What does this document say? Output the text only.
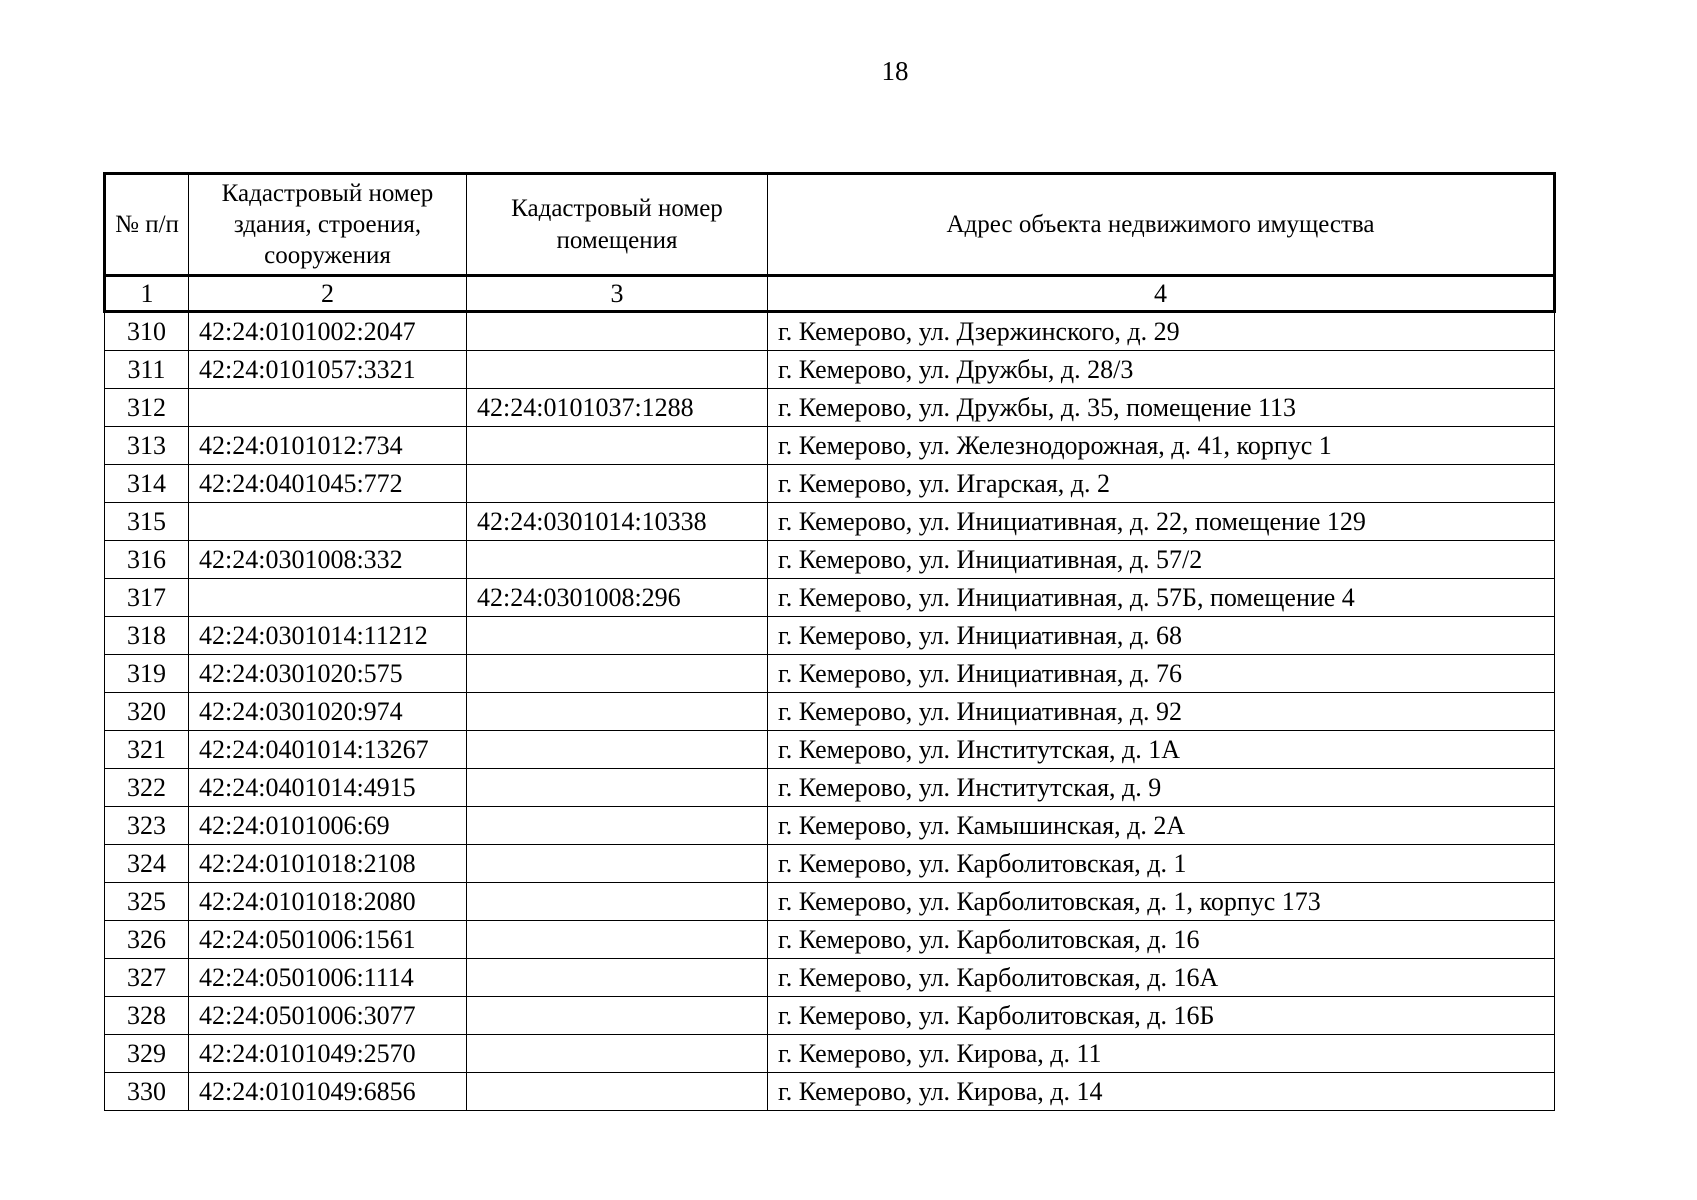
18
№ п/п	Кадастровый номер здания, строения, сооружения	Кадастровый номер помещения	Адрес объекта недвижимого имущества
1	2	3	4
310	42:24:0101002:2047		г. Кемерово, ул. Дзержинского, д. 29
311	42:24:0101057:3321		г. Кемерово, ул. Дружбы, д. 28/3
312		42:24:0101037:1288	г. Кемерово, ул. Дружбы, д. 35, помещение 113
313	42:24:0101012:734		г. Кемерово, ул. Железнодорожная, д. 41, корпус 1
314	42:24:0401045:772		г. Кемерово, ул. Игарская, д. 2
315		42:24:0301014:10338	г. Кемерово, ул. Инициативная, д. 22, помещение 129
316	42:24:0301008:332		г. Кемерово, ул. Инициативная, д. 57/2
317		42:24:0301008:296	г. Кемерово, ул. Инициативная, д. 57Б, помещение 4
318	42:24:0301014:11212		г. Кемерово, ул. Инициативная, д. 68
319	42:24:0301020:575		г. Кемерово, ул. Инициативная, д. 76
320	42:24:0301020:974		г. Кемерово, ул. Инициативная, д. 92
321	42:24:0401014:13267		г. Кемерово, ул. Институтская, д. 1А
322	42:24:0401014:4915		г. Кемерово, ул. Институтская, д. 9
323	42:24:0101006:69		г. Кемерово, ул. Камышинская, д. 2А
324	42:24:0101018:2108		г. Кемерово, ул. Карболитовская, д. 1
325	42:24:0101018:2080		г. Кемерово, ул. Карболитовская, д. 1, корпус 173
326	42:24:0501006:1561		г. Кемерово, ул. Карболитовская, д. 16
327	42:24:0501006:1114		г. Кемерово, ул. Карболитовская, д. 16А
328	42:24:0501006:3077		г. Кемерово, ул. Карболитовская, д. 16Б
329	42:24:0101049:2570		г. Кемерово, ул. Кирова, д. 11
330	42:24:0101049:6856		г. Кемерово, ул. Кирова, д. 14
